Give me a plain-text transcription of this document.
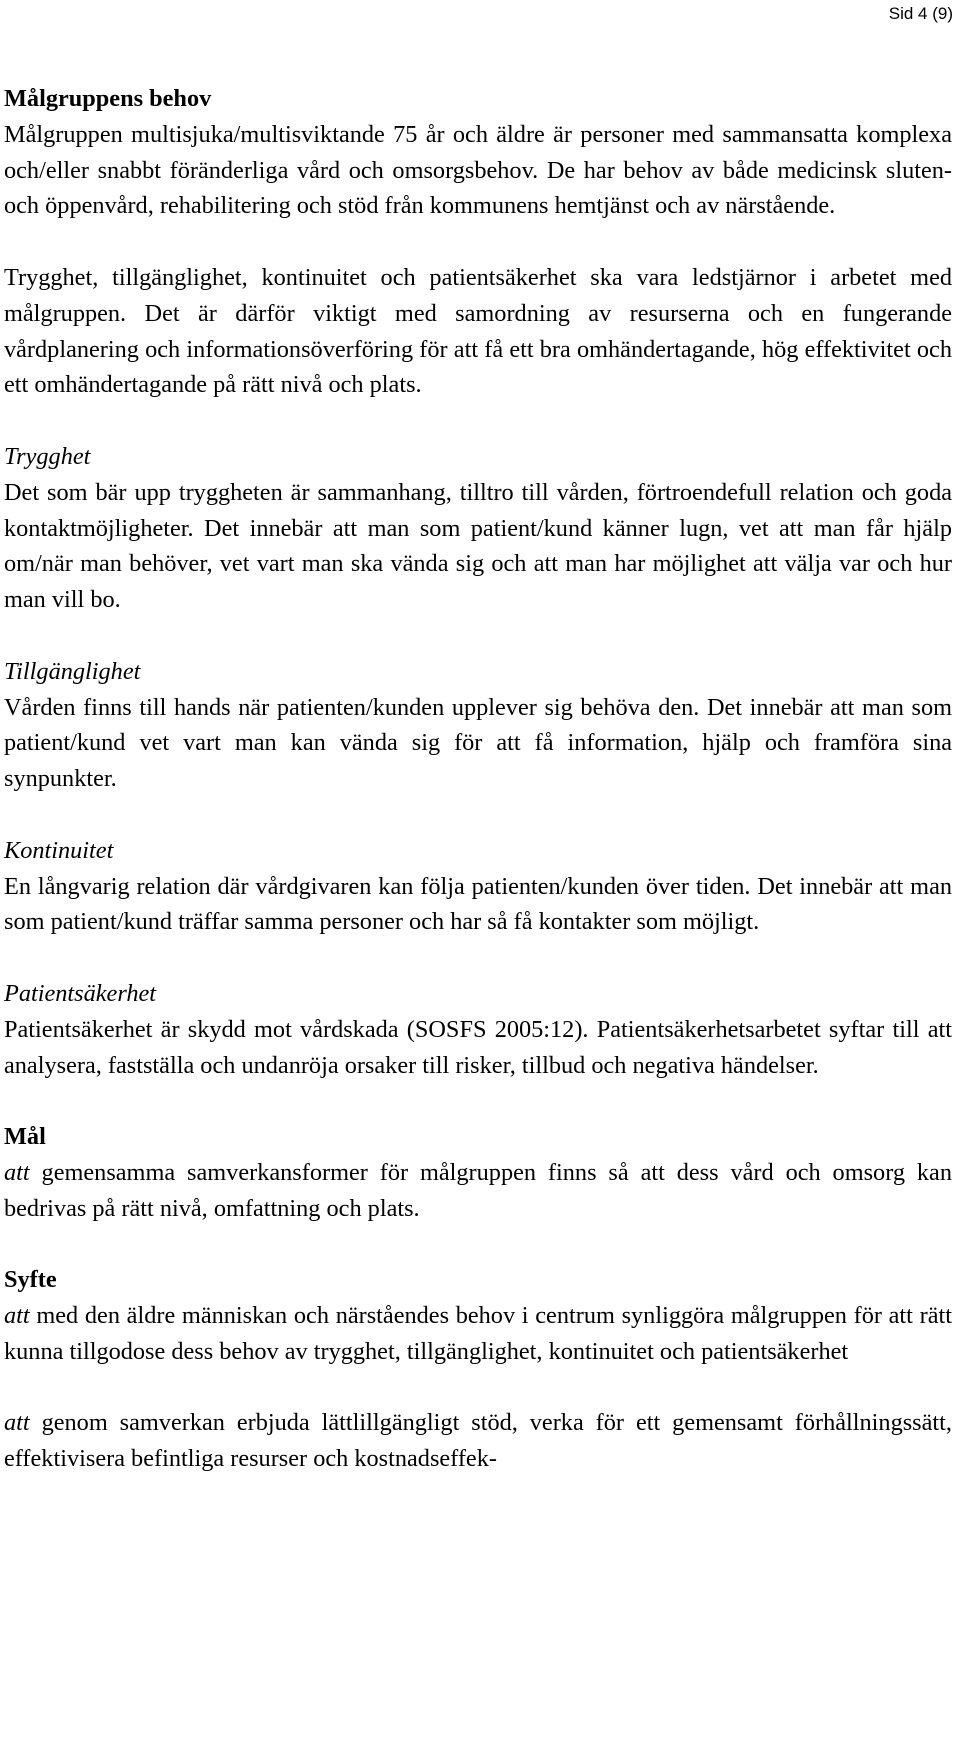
Sid 4 (9)
Målgruppens behov

Målgruppen multisjuka/multisviktande 75 år och äldre är personer med sammansatta komplexa och/eller snabbt föränderliga vård och omsorgsbehov. De har behov av både medicinsk sluten- och öppenvård, rehabilitering och stöd från kommunens hemtjänst och av närstående.

Trygghet, tillgänglighet, kontinuitet och patientsäkerhet ska vara ledstjärnor i arbetet med målgruppen. Det är därför viktigt med samordning av resurserna och en fungerande vårdplanering och informationsöverföring för att få ett bra omhändertagande, hög effektivitet och ett omhändertagande på rätt nivå och plats.

Trygghet

Det som bär upp tryggheten är sammanhang, tilltro till vården, förtroendefull relation och goda kontaktmöjligheter. Det innebär att man som patient/kund känner lugn, vet att man får hjälp om/när man behöver, vet vart man ska vända sig och att man har möjlighet att välja var och hur man vill bo.

Tillgänglighet

Vården finns till hands när patienten/kunden upplever sig behöva den. Det innebär att man som patient/kund vet vart man kan vända sig för att få information, hjälp och framföra sina synpunkter.

Kontinuitet

En långvarig relation där vårdgivaren kan följa patienten/kunden över tiden. Det innebär att man som patient/kund träffar samma personer och har så få kontakter som möjligt.

Patientsäkerhet

Patientsäkerhet är skydd mot vårdskada (SOSFS 2005:12). Patientsäkerhetsarbetet syftar till att analysera, fastställa och undanröja orsaker till risker, tillbud och negativa händelser.

Mål

att gemensamma samverkansformer för målgruppen finns så att dess vård och omsorg kan bedrivas på rätt nivå, omfattning och plats.

Syfte

att med den äldre människan och närståendes behov i centrum synliggöra målgruppen för att rätt kunna tillgodose dess behov av trygghet, tillgänglighet, kontinuitet och patientsäkerhet

att genom samverkan erbjuda lättlillgängligt stöd, verka för ett gemensamt förhållningssätt, effektivisera befintliga resurser och kostnadseffek-
